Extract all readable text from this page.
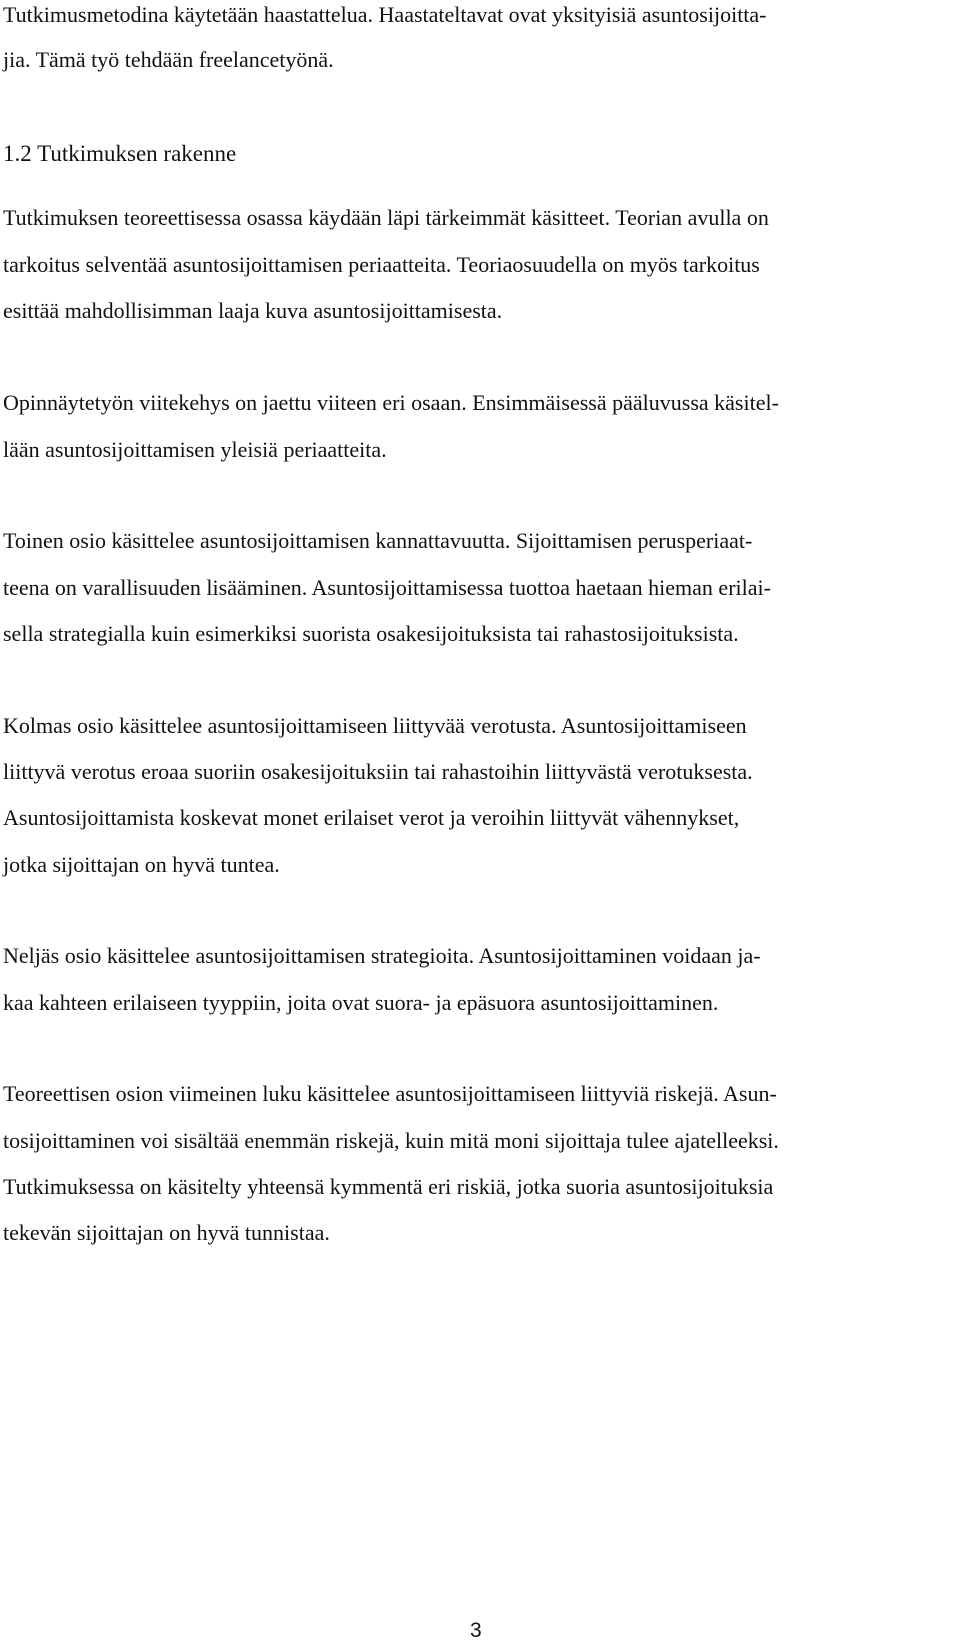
Tutkimusmetodina käytetään haastattelua. Haastateltavat ovat yksityisiä asuntosijoitta-

jia. Tämä työ tehdään freelancetyönä.

1.2 Tutkimuksen rakenne

Tutkimuksen teoreettisessa osassa käydään läpi tärkeimmät käsitteet. Teorian avulla on

tarkoitus selventää asuntosijoittamisen periaatteita. Teoriaosuudella on myös tarkoitus

esittää mahdollisimman laaja kuva asuntosijoittamisesta.

Opinnäytetyön viitekehys on jaettu viiteen eri osaan. Ensimmäisessä pääluvussa käsitel-

lään asuntosijoittamisen yleisiä periaatteita.

Toinen osio käsittelee asuntosijoittamisen kannattavuutta. Sijoittamisen perusperiaat-

teena on varallisuuden lisääminen. Asuntosijoittamisessa tuottoa haetaan hieman erilai-

sella strategialla kuin esimerkiksi suorista osakesijoituksista tai rahastosijoituksista.

Kolmas osio käsittelee asuntosijoittamiseen liittyvää verotusta. Asuntosijoittamiseen

liittyvä verotus eroaa suoriin osakesijoituksiin tai rahastoihin liittyvästä verotuksesta.

Asuntosijoittamista koskevat monet erilaiset verot ja veroihin liittyvät vähennykset,

jotka sijoittajan on hyvä tuntea.

Neljäs osio käsittelee asuntosijoittamisen strategioita. Asuntosijoittaminen voidaan ja-

kaa kahteen erilaiseen tyyppiin, joita ovat suora- ja epäsuora asuntosijoittaminen.

Teoreettisen osion viimeinen luku käsittelee asuntosijoittamiseen liittyviä riskejä. Asun-

tosijoittaminen voi sisältää enemmän riskejä, kuin mitä moni sijoittaja tulee ajatelleeksi.

Tutkimuksessa on käsitelty yhteensä kymmentä eri riskiä, jotka suoria asuntosijoituksia

tekevän sijoittajan on hyvä tunnistaa.

3
